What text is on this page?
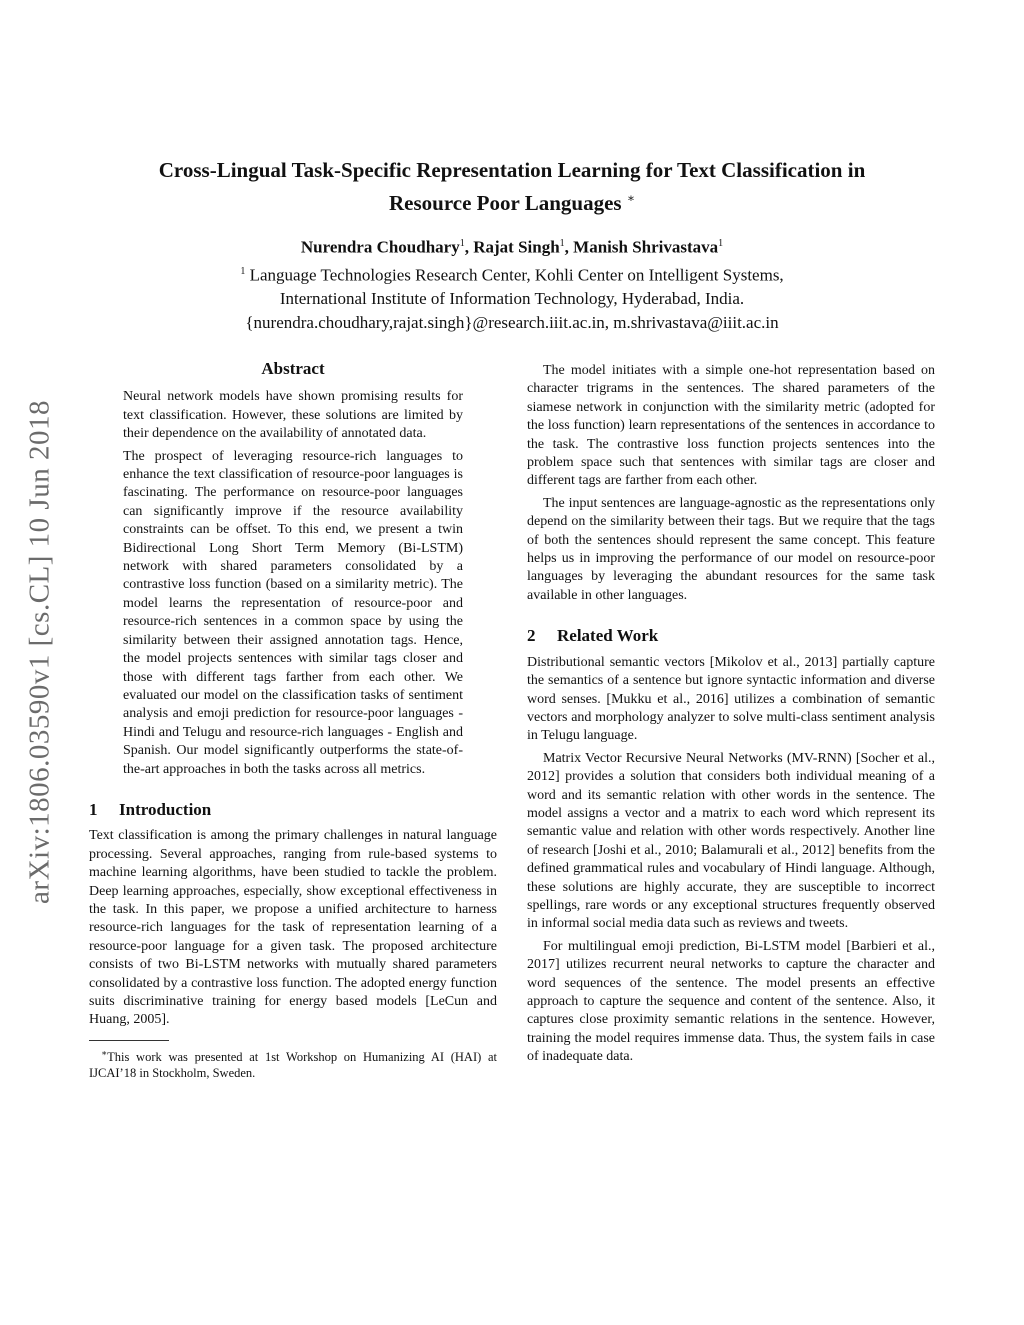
arXiv:1806.03590v1 [cs.CL] 10 Jun 2018
Cross-Lingual Task-Specific Representation Learning for Text Classification in
Resource Poor Languages ∗
Nurendra Choudhary$^1$, Rajat Singh$^1$, Manish Shrivastava$^1$
$^1$ Language Technologies Research Center, Kohli Center on Intelligent Systems,
International Institute of Information Technology, Hyderabad, India.
{nurendra.choudhary,rajat.singh}@research.iiit.ac.in, m.shrivastava@iiit.ac.in
Abstract

Neural network models have shown promising results for text classification. However, these solutions are limited by their dependence on the availability of annotated data.

The prospect of leveraging resource-rich languages to enhance the text classification of resource-poor languages is fascinating. The performance on resource-poor languages can significantly improve if the resource availability constraints can be offset. To this end, we present a twin Bidirectional Long Short Term Memory (Bi-LSTM) network with shared parameters consolidated by a contrastive loss function (based on a similarity metric). The model learns the representation of resource-poor and resource-rich sentences in a common space by using the similarity between their assigned annotation tags. Hence, the model projects sentences with similar tags closer and those with different tags farther from each other. We evaluated our model on the classification tasks of sentiment analysis and emoji prediction for resource-poor languages - Hindi and Telugu and resource-rich languages - English and Spanish. Our model significantly outperforms the state-of-the-art approaches in both the tasks across all metrics.

1 Introduction

Text classification is among the primary challenges in natural language processing. Several approaches, ranging from rule-based systems to machine learning algorithms, have been studied to tackle the problem. Deep learning approaches, especially, show exceptional effectiveness in the task. In this paper, we propose a unified architecture to harness resource-rich languages for the task of representation learning of a resource-poor language for a given task. The proposed architecture consists of two Bi-LSTM networks with mutually shared parameters consolidated by a contrastive loss function. The adopted energy function suits discriminative training for energy based models [LeCun and Huang, 2005].

∗This work was presented at 1st Workshop on Humanizing AI (HAI) at IJCAI’18 in Stockholm, Sweden.

The model initiates with a simple one-hot representation based on character trigrams in the sentences. The shared parameters of the siamese network in conjunction with the similarity metric (adopted for the loss function) learn representations of the sentences in accordance to the task. The contrastive loss function projects sentences into the problem space such that sentences with similar tags are closer and different tags are farther from each other.

The input sentences are language-agnostic as the representations only depend on the similarity between their tags. But we require that the tags of both the sentences should represent the same concept. This feature helps us in improving the performance of our model on resource-poor languages by leveraging the abundant resources for the same task available in other languages.

2 Related Work

Distributional semantic vectors [Mikolov et al., 2013] partially capture the semantics of a sentence but ignore syntactic information and diverse word senses. [Mukku et al., 2016] utilizes a combination of semantic vectors and morphology analyzer to solve multi-class sentiment analysis in Telugu language.

Matrix Vector Recursive Neural Networks (MV-RNN) [Socher et al., 2012] provides a solution that considers both individual meaning of a word and its semantic relation with other words in the sentence. The model assigns a vector and a matrix to each word which represent its semantic value and relation with other words respectively. Another line of research [Joshi et al., 2010; Balamurali et al., 2012] benefits from the defined grammatical rules and vocabulary of Hindi language. Although, these solutions are highly accurate, they are susceptible to incorrect spellings, rare words or any exceptional structures frequently observed in informal social media data such as reviews and tweets.

For multilingual emoji prediction, Bi-LSTM model [Barbieri et al., 2017] utilizes recurrent neural networks to capture the character and word sequences of the sentence. The model presents an effective approach to capture the sequence and content of the sentence. Also, it captures close proximity semantic relations in the sentence. However, training the model requires immense data. Thus, the system fails in case of inadequate data.
